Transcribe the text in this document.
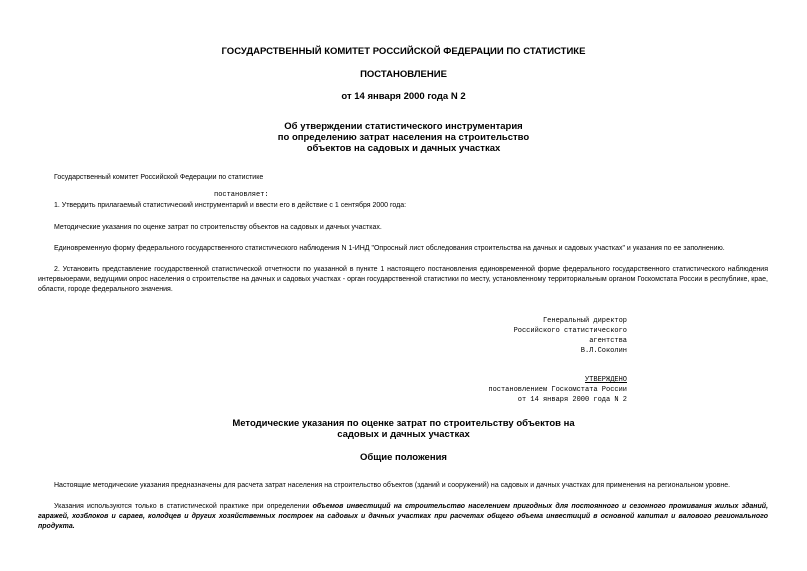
ГОСУДАРСТВЕННЫЙ КОМИТЕТ РОССИЙСКОЙ ФЕДЕРАЦИИ ПО СТАТИСТИКЕ
ПОСТАНОВЛЕНИЕ
от 14 января 2000 года N 2
Об утверждении статистического инструментария
по определению затрат населения на строительство
объектов на садовых и дачных участках
Государственный комитет Российской Федерации по статистике
постановляет:
1. Утвердить прилагаемый статистический инструментарий и ввести его в действие с 1 сентября 2000 года:
Методические указания по оценке затрат по строительству объектов на садовых и дачных участках.
Единовременную форму федерального государственного статистического наблюдения N 1-ИНД "Опросный лист обследования строительства на дачных и садовых участках" и указания по ее заполнению.
2. Установить представление государственной статистической отчетности по указанной в пункте 1 настоящего постановления единовременной форме федерального государственного статистического наблюдения интервьюерами, ведущими опрос населения о строительстве на дачных и садовых участках - орган государственной статистики по месту, установленному территориальным органом Госкомстата России в республике, крае, области, городе федерального значения.
Генеральный директор
Российского статистического
агентства
В.Л.Соколин
УТВЕРЖДЕНО
постановлением Госкомстата России
от 14 января 2000 года N 2
Методические указания по оценке затрат по строительству объектов на
садовых и дачных участках
Общие положения
Настоящие методические указания предназначены для расчета затрат населения на строительство объектов (зданий и сооружений) на садовых и дачных участках для применения на региональном уровне.
Указания используются только в статистической практике при определении объемов инвестиций на строительство населением пригодных для постоянного и сезонного проживания жилых зданий, гаражей, хозблоков и сараев, колодцев и других хозяйственных построек на садовых и дачных участках при расчетах общего объема инвестиций в основной капитал и валового регионального продукта.
